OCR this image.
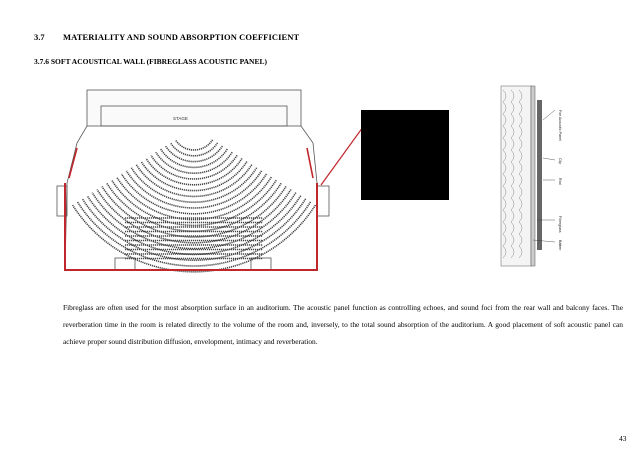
3.7 MATERIALITY AND SOUND ABSORPTION COEFFICIENT
3.7.6 SOFT ACOUSTICAL WALL (FIBREGLASS ACOUSTIC PANEL)
STAGE	Fire Acoustic Panel
Clip
Rod
Fiberglass
Batten
Fibreglass are often used for the most absorption surface in an auditorium. The acoustic panel function as controlling echoes, and sound foci from the rear wall and balcony faces. The reverberation time in the room is related directly to the volume of the room and, inversely, to the total sound absorption of the auditorium. A good placement of soft acoustic panel can achieve proper sound distribution diffusion, envelopment, intimacy and reverberation.
43
